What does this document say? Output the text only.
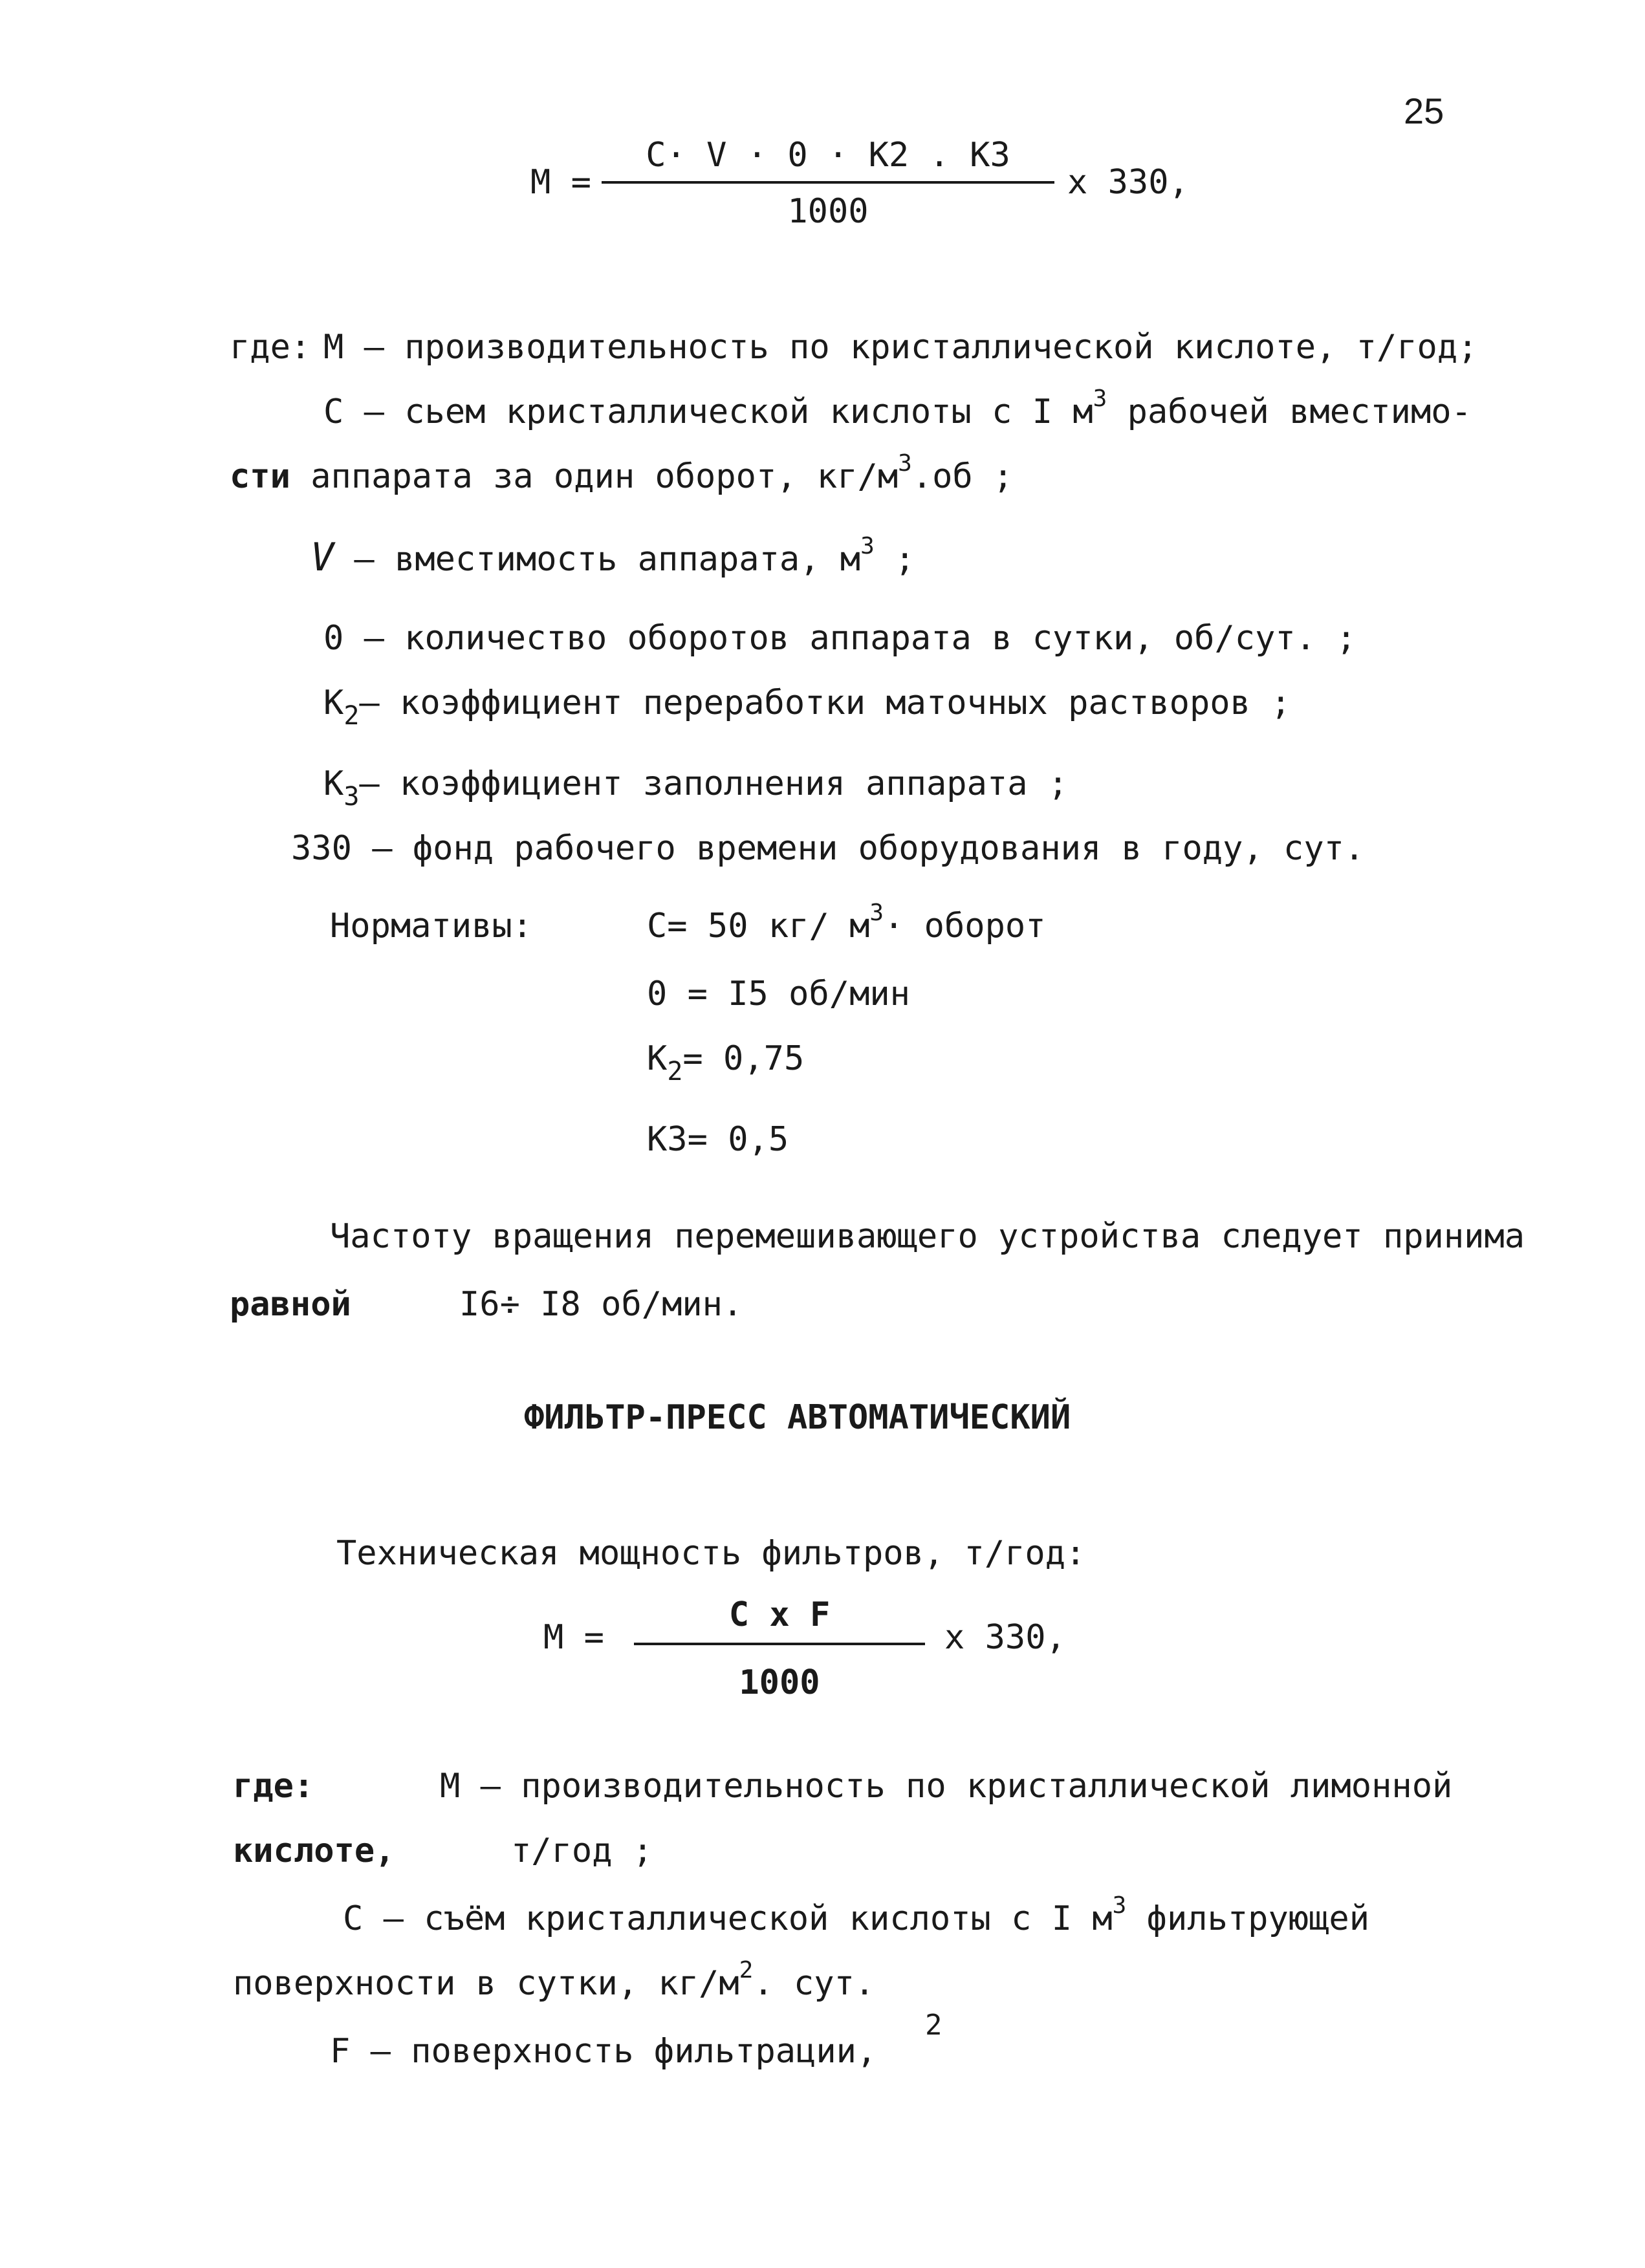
25
M =
C· V · 0 · K2 . K3
1000
x 330,
где: M – производительность по кристаллической кислоте, т/год;
C – сьем кристаллической кислоты с I $м^3$ рабочей вместимо-
сти аппарата за один оборот, $кг/м^3.об$ ;
V – вместимость аппарата, $м^3$ ;
0 – количество оборотов аппарата в сутки, об/сут. ;
$K_2-$ коэффициент переработки маточных растворов ;
$K_3-$ коэффициент заполнения аппарата ;
330 – фонд рабочего времени оборудования в году, сут.
Нормативы:	C= 50 кг/ $м^3\cdot$ оборот
0 = I5 об/мин
$K_2= 0,75$
K3= 0,5
Частоту вращения перемешивающего устройства следует принима
равной	I6÷ I8 об/мин.
ФИЛЬТР-ПРЕСС АВТОМАТИЧЕСКИЙ
Техническая мощность фильтров, т/год:
M =
C x F
1000
x 330,
где:	M – производительность по кристаллической лимонной
кислоте,	т/год ;
C – съём кристаллической кислоты с I $м^3$ фильтрующей
поверхности в сутки, $кг/м^2$. сут.
F – поверхность фильтрации,
2
